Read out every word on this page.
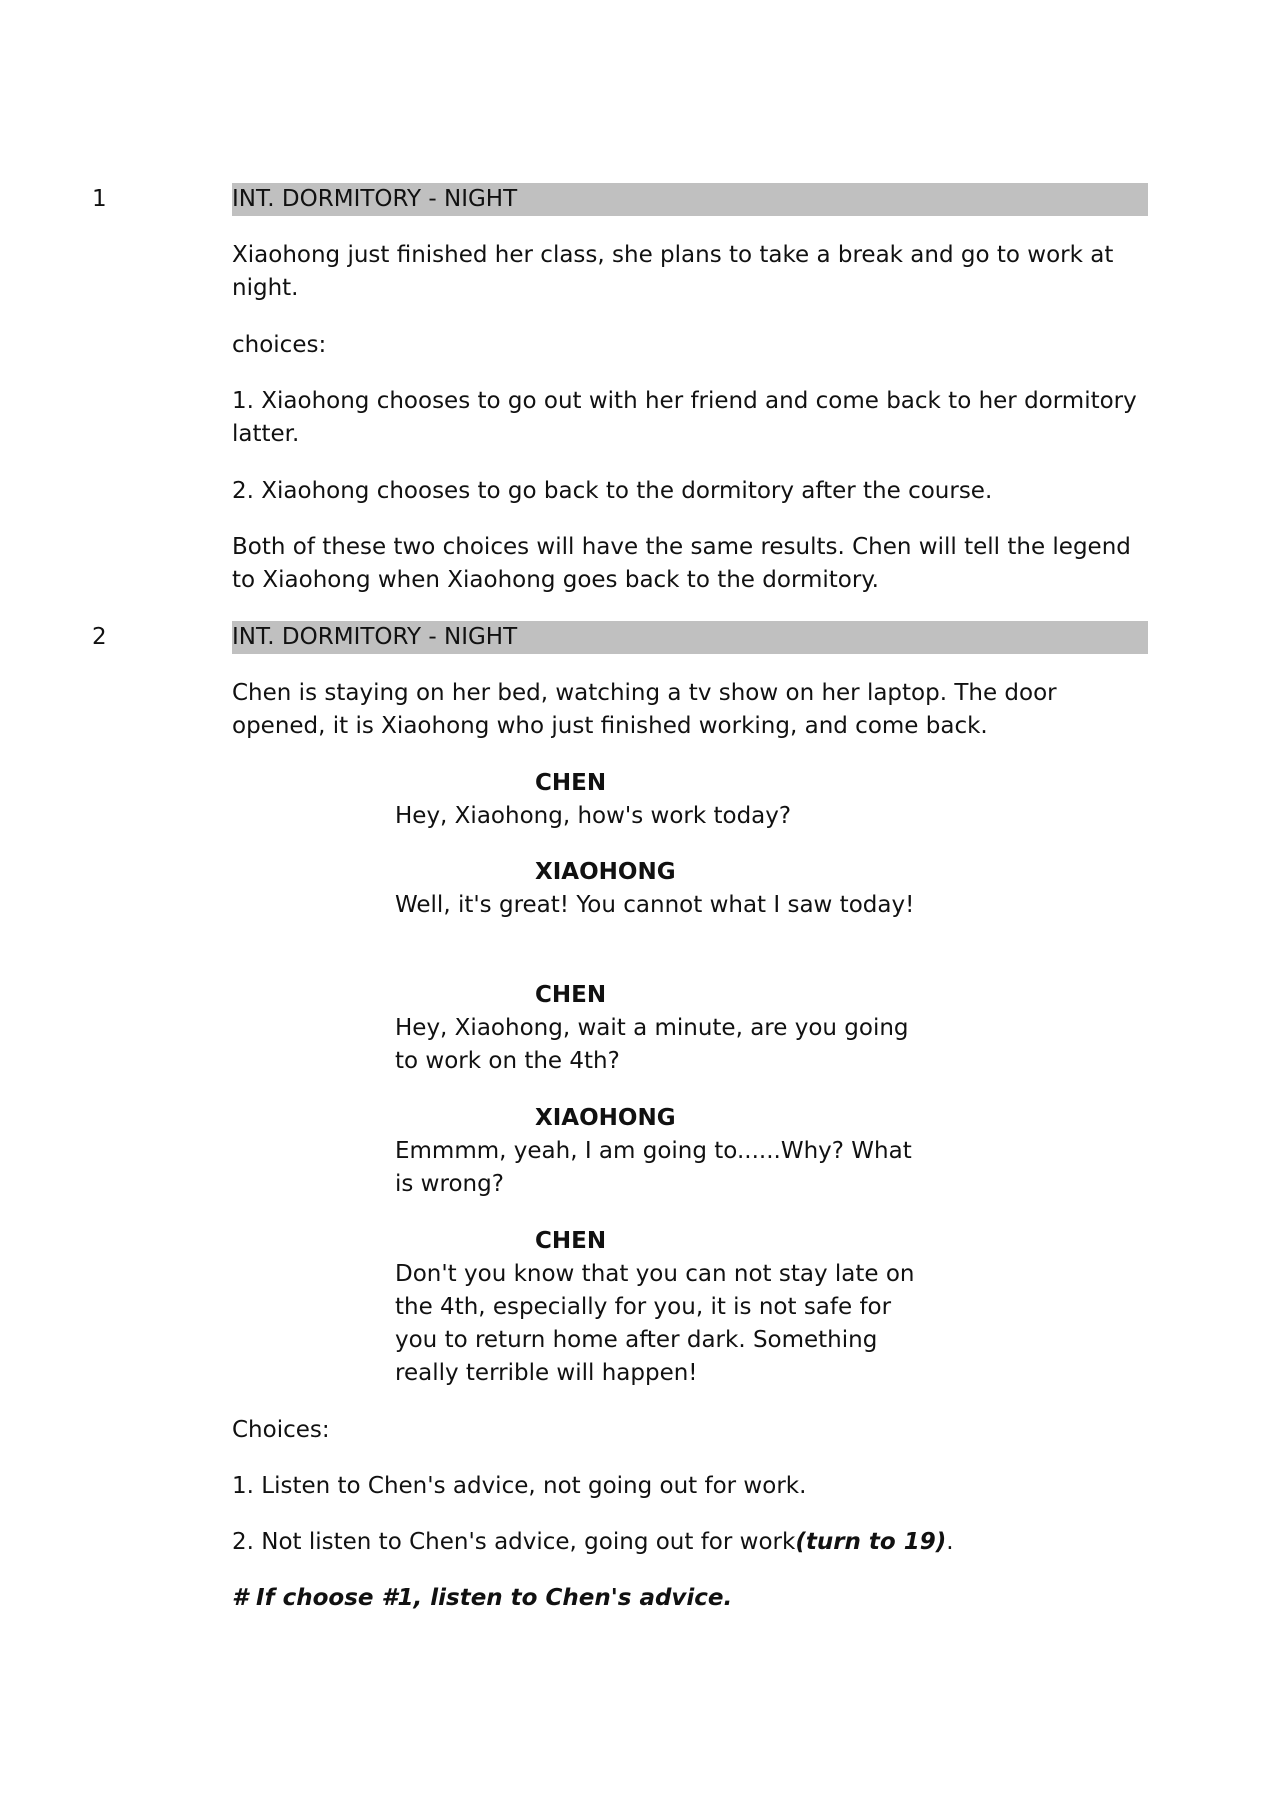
1	INT. DORMITORY - NIGHT

Xiaohong just finished her class, she plans to take a break and go to work at night.

choices:

1. Xiaohong chooses to go out with her friend and come back to her dormitory latter.

2. Xiaohong chooses to go back to the dormitory after the course.

Both of these two choices will have the same results. Chen will tell the legend to Xiaohong when Xiaohong goes back to the dormitory.

2	INT. DORMITORY - NIGHT

Chen is staying on her bed, watching a tv show on her laptop. The door opened, it is Xiaohong who just finished working, and come back.

CHEN

Hey, Xiaohong, how's work today?

XIAOHONG

Well, it's great! You cannot what I saw today!

CHEN

Hey, Xiaohong, wait a minute, are you going to work on the 4th?

XIAOHONG

Emmmm, yeah, I am going to......Why? What is wrong?

CHEN

Don't you know that you can not stay late on the 4th, especially for you, it is not safe for you to return home after dark. Something really terrible will happen!

Choices:

1. Listen to Chen's advice, not going out for work.

2. Not listen to Chen's advice, going out for work(turn to 19).

# If choose #1, listen to Chen's advice.
